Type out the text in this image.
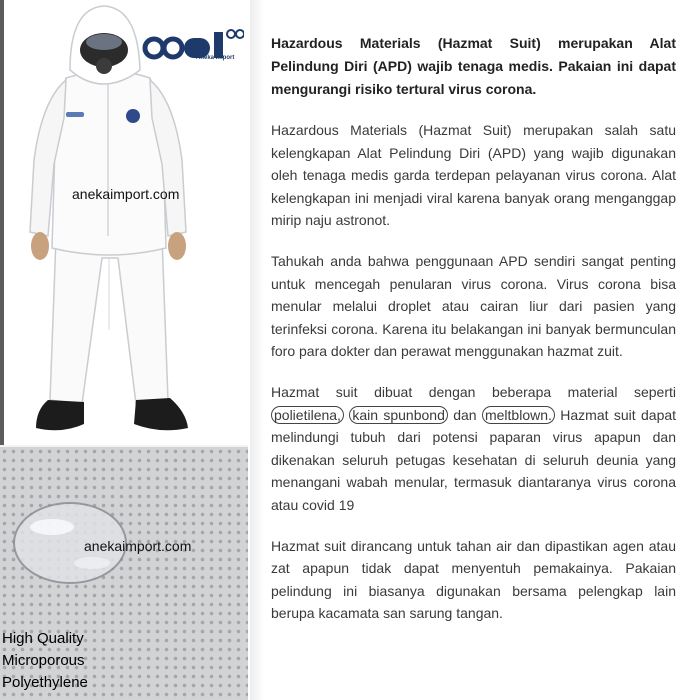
Aneka Import
anekaimport.com
anekaimport.com
High Quality
Microporous
Polyethylene

Hazardous Materials (Hazmat Suit) merupakan Alat Pelindung Diri (APD) wajib tenaga medis. Pakaian ini dapat mengurangi risiko tertural virus corona.

Hazardous Materials (Hazmat Suit) merupakan salah satu kelengkapan Alat Pelindung Diri (APD) yang wajib digunakan oleh tenaga medis garda terdepan pelayanan virus corona. Alat kelengkapan ini menjadi viral karena banyak orang menganggap mirip naju astronot.

Tahukah anda bahwa penggunaan APD sendiri sangat penting untuk mencegah penularan virus corona. Virus corona bisa menular melalui droplet atau cairan liur dari pasien yang terinfeksi corona. Karena itu belakangan ini banyak bermunculan foro para dokter dan perawat menggunakan hazmat zuit.

Hazmat suit dibuat dengan beberapa material seperti polietilena, kain spunbond dan meltblown. Hazmat suit dapat melindungi tubuh dari potensi paparan virus apapun dan dikenakan seluruh petugas kesehatan di seluruh deunia yang menangani wabah menular, termasuk diantaranya virus corona atau covid 19

Hazmat suit dirancang untuk tahan air dan dipastikan agen atau zat apapun tidak dapat menyentuh pemakainya. Pakaian pelindung ini biasanya digunakan bersama pelengkap lain berupa kacamata san sarung tangan.
